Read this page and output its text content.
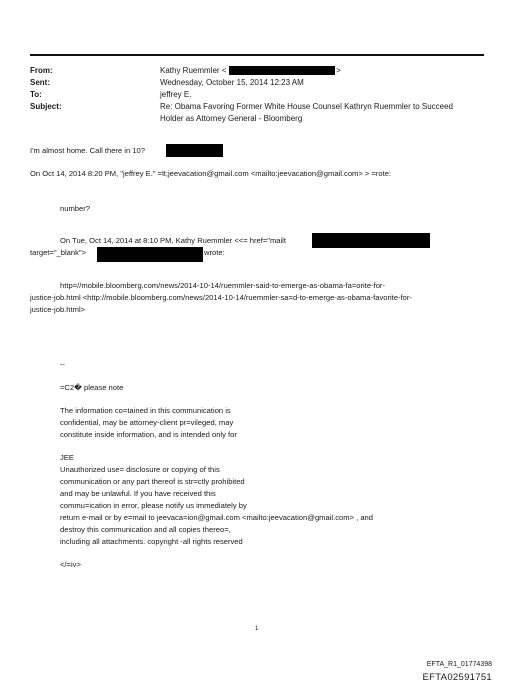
From:
Sent:
To:
Subject:
Kathy Ruemmler <	>
Wednesday, October 15, 2014 12:23 AM
jeffrey E.
Re: Obama Favoring Former White House Counsel Kathryn Ruemmler to Succeed
Holder as Attorney General - Bloomberg
I'm almost home. Call there in 10?
On Oct 14, 2014 8:20 PM, "jeffrey E." =lt;jeevacation@gmail.com <mailto:jeevacation@gmail.com> > =rote:
number?
On Tue, Oct 14, 2014 at 8:10 PM, Kathy Ruemmler <<= href="mailt
target="_blank">	wrote:
http=//mobile.bloomberg.com/news/2014-10-14/ruemmler-said-to-emerge-as-obama-fa=orite-for-
justice-job.html <http://mobile.bloomberg.com/news/2014-10-14/ruemmler-sa=d-to-emerge-as-obama-favorite-for-
justice-job.html>
--
=C2� please note
The information co=tained in this communication is
confidential, may be attorney-client pr=vileged, may
constitute inside information, and is intended only for
JEE
Unauthorized use= disclosure or copying of this
communication or any part thereof is str=ctly prohibited
and may be unlawful. If you have received this
commu=ication in error, please notify us immediately by
return e-mail or by e=mail to jeevaca=ion@gmail.com <mailto:jeevacation@gmail.com> , and
destroy this communication and all copies thereo=,
including all attachments. copyright -all rights reserved
</=iv>
1
EFTA_R1_01774398
EFTA02591751
